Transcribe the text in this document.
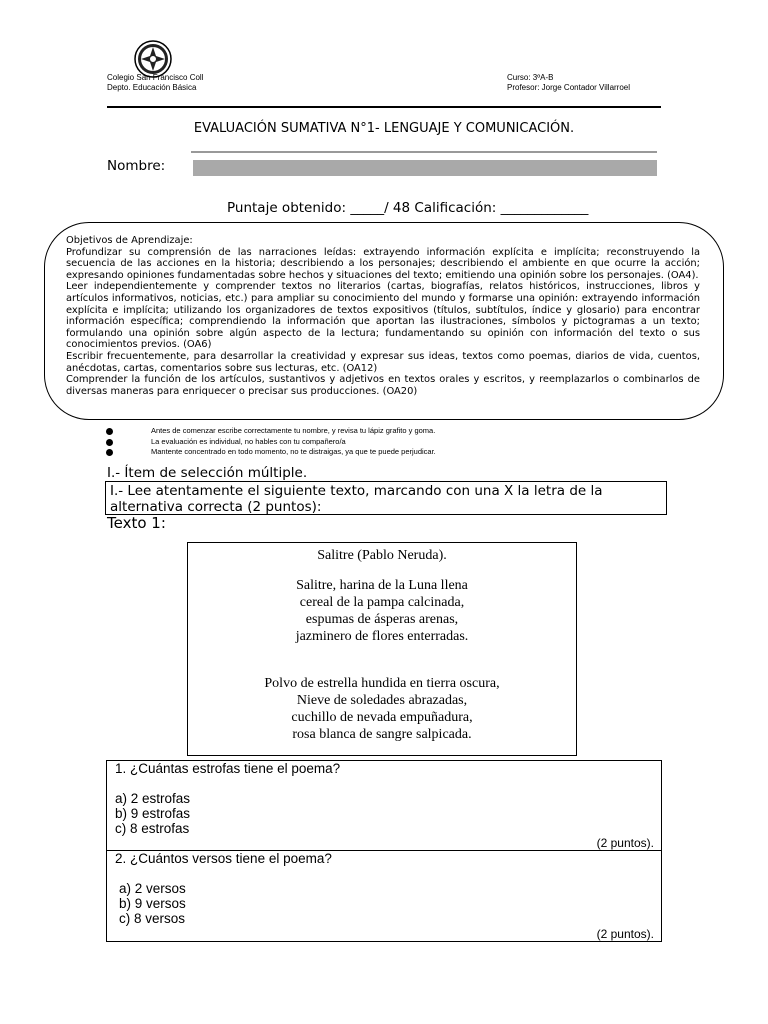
Colegio San Francisco Coll
Depto. Educación Básica
Curso: 3ºA-B
Profesor: Jorge Contador Villarroel
EVALUACIÓN SUMATIVA N°1- LENGUAJE Y COMUNICACIÓN.
Nombre:
Puntaje obtenido: _____/ 48 Calificación: _____________

Objetivos de Aprendizaje:

Profundizar su comprensión de las narraciones leídas: extrayendo información explícita e implícita; reconstruyendo la secuencia de las acciones en la historia; describiendo a los personajes; describiendo el ambiente en que ocurre la acción; expresando opiniones fundamentadas sobre hechos y situaciones del texto; emitiendo una opinión sobre los personajes. (OA4).

Leer independientemente y comprender textos no literarios (cartas, biografías, relatos históricos, instrucciones, libros y artículos informativos, noticias, etc.) para ampliar su conocimiento del mundo y formarse una opinión: extrayendo información explícita e implícita; utilizando los organizadores de textos expositivos (títulos, subtítulos, índice y glosario) para encontrar información específica; comprendiendo la información que aportan las ilustraciones, símbolos y pictogramas a un texto; formulando una opinión sobre algún aspecto de la lectura; fundamentando su opinión con información del texto o sus conocimientos previos. (OA6)

Escribir frecuentemente, para desarrollar la creatividad y expresar sus ideas, textos como poemas, diarios de vida, cuentos, anécdotas, cartas, comentarios sobre sus lecturas, etc. (OA12)

Comprender la función de los artículos, sustantivos y adjetivos en textos orales y escritos, y reemplazarlos o combinarlos de diversas maneras para enriquecer o precisar sus producciones. (OA20)

Antes de comenzar escribe correctamente tu nombre, y revisa tu lápiz grafito y goma.
La evaluación es individual, no hables con tu compañero/a
Mantente concentrado en todo momento, no te distraigas, ya que te puede perjudicar.
I.- Ítem de selección múltiple.
I.- Lee atentamente el siguiente texto, marcando con una X la letra de la alternativa correcta (2 puntos):
Texto 1:
Salitre (Pablo Neruda).
Salitre, harina de la Luna llena
cereal de la pampa calcinada,
espumas de ásperas arenas,
jazminero de flores enterradas.
Polvo de estrella hundida en tierra oscura,
Nieve de soledades abrazadas,
cuchillo de nevada empuñadura,
rosa blanca de sangre salpicada.
1. ¿Cuántas estrofas tiene el poema?
a) 2 estrofas
b) 9 estrofas
c) 8 estrofas
(2 puntos).
2. ¿Cuántos versos tiene el poema?
a) 2 versos
b) 9 versos
c) 8 versos
(2 puntos).
